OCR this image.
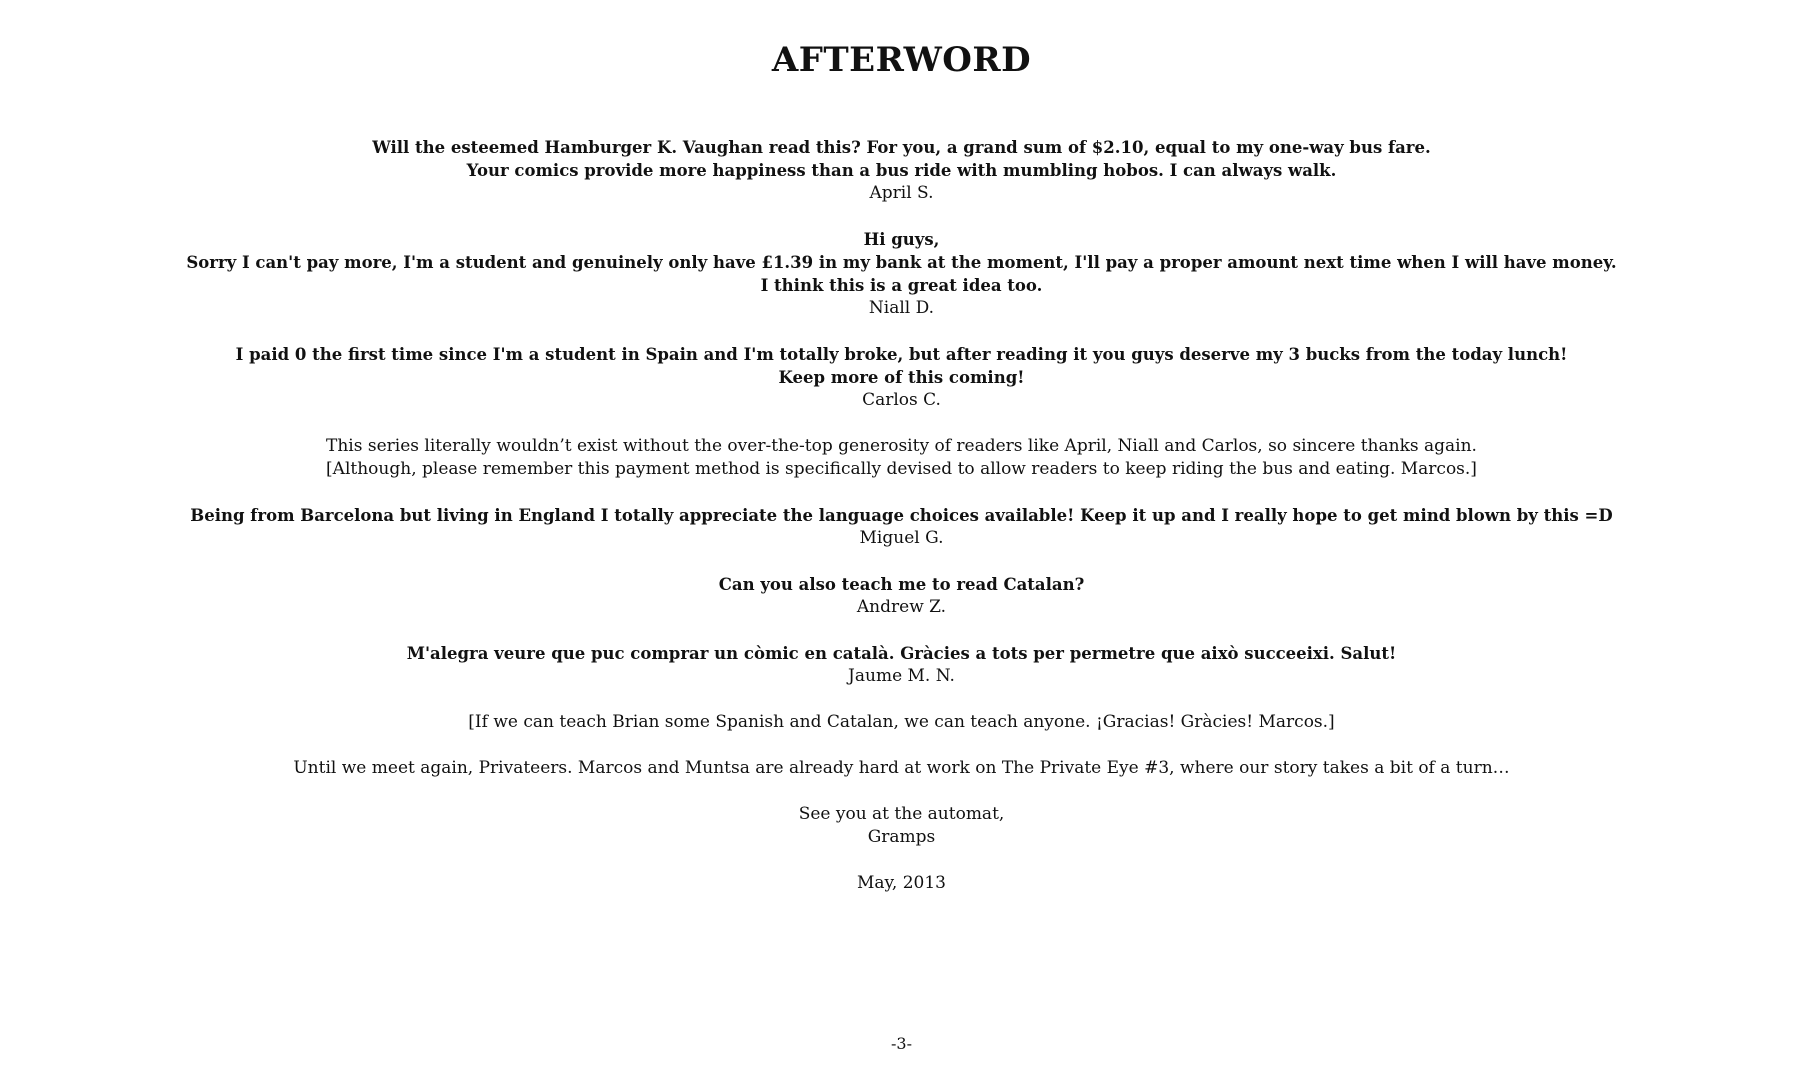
AFTERWORD
Will the esteemed Hamburger K. Vaughan read this? For you, a grand sum of $2.10, equal to my one-way bus fare.
Your comics provide more happiness than a bus ride with mumbling hobos. I can always walk.
April S.
Hi guys,
Sorry I can't pay more, I'm a student and genuinely only have £1.39 in my bank at the moment, I'll pay a proper amount next time when I will have money.
I think this is a great idea too.
Niall D.
I paid 0 the first time since I'm a student in Spain and I'm totally broke, but after reading it you guys deserve my 3 bucks from the today lunch!
Keep more of this coming!
Carlos C.
This series literally wouldn’t exist without the over-the-top generosity of readers like April, Niall and Carlos, so sincere thanks again.
[Although, please remember this payment method is specifically devised to allow readers to keep riding the bus and eating. Marcos.]
Being from Barcelona but living in England I totally appreciate the language choices available! Keep it up and I really hope to get mind blown by this =D
Miguel G.
Can you also teach me to read Catalan?
Andrew Z.
M'alegra veure que puc comprar un còmic en català. Gràcies a tots per permetre que això succeeixi. Salut!
Jaume M. N.
[If we can teach Brian some Spanish and Catalan, we can teach anyone. ¡Gracias! Gràcies! Marcos.]
Until we meet again, Privateers. Marcos and Muntsa are already hard at work on The Private Eye #3, where our story takes a bit of a turn…
See you at the automat,
Gramps
May, 2013
-3-
